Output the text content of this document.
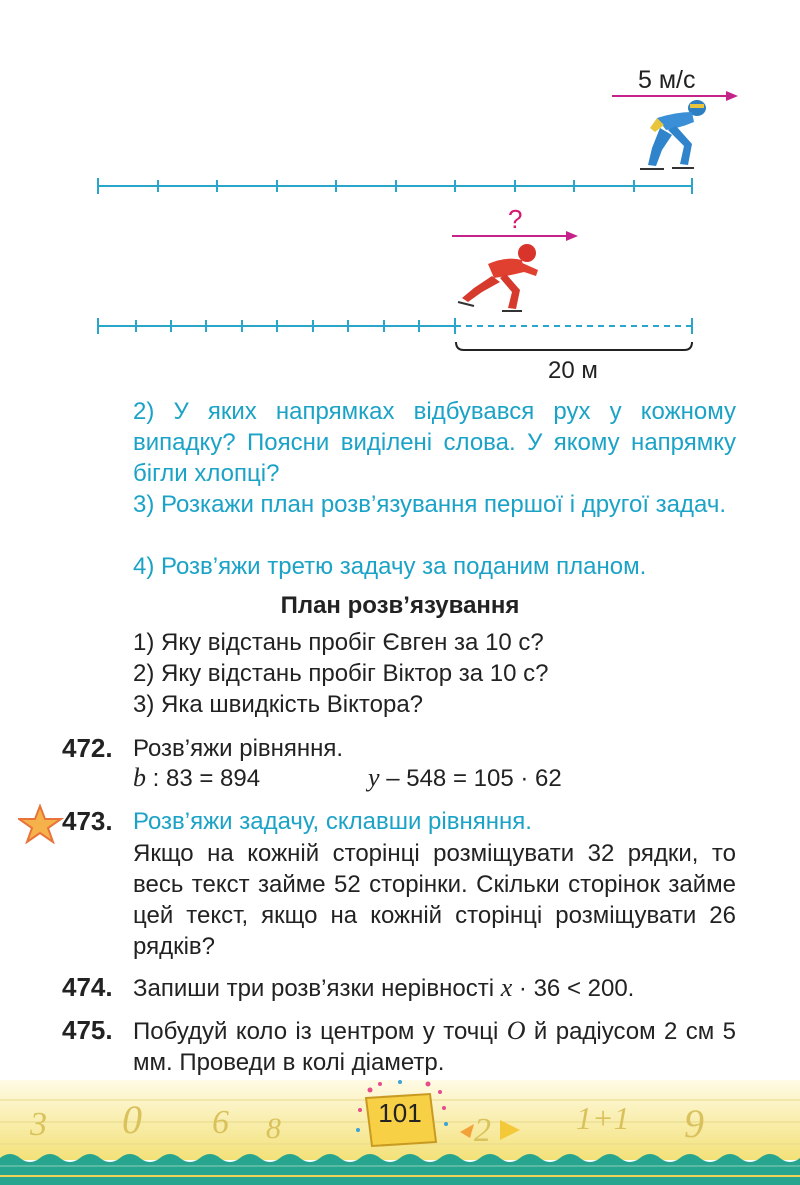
5 м/с
?
20 м
2) У яких напрямках відбувався рух у кожному випадку? Поясни виділені слова. У якому напрямку бігли хлопці?
3) Розкажи план розв’язування першої і другої задач.
4) Розв’яжи третю задачу за поданим планом.
План розв’язування
1) Яку відстань пробіг Євген за 10 с?
2) Яку відстань пробіг Віктор за 10 с?
3) Яка швидкість Віктора?
472. Розв’яжи рівняння.
b : 83 = 894	y – 548 = 105 · 62
473. Розв’яжи задачу, склавши рівняння.
Якщо на кожній сторінці розміщувати 32 рядки, то весь текст займе 52 сторінки. Скільки сторінок займе цей текст, якщо на кожній сторінці розміщувати 26 рядків?
474. Запиши три розв’язки нерівності x · 36 < 200.
475. Побудуй коло із центром у точці O й радіусом 2 см 5 мм. Проведи в колі діаметр.
3 0 6 8	2	1+1 9
101
